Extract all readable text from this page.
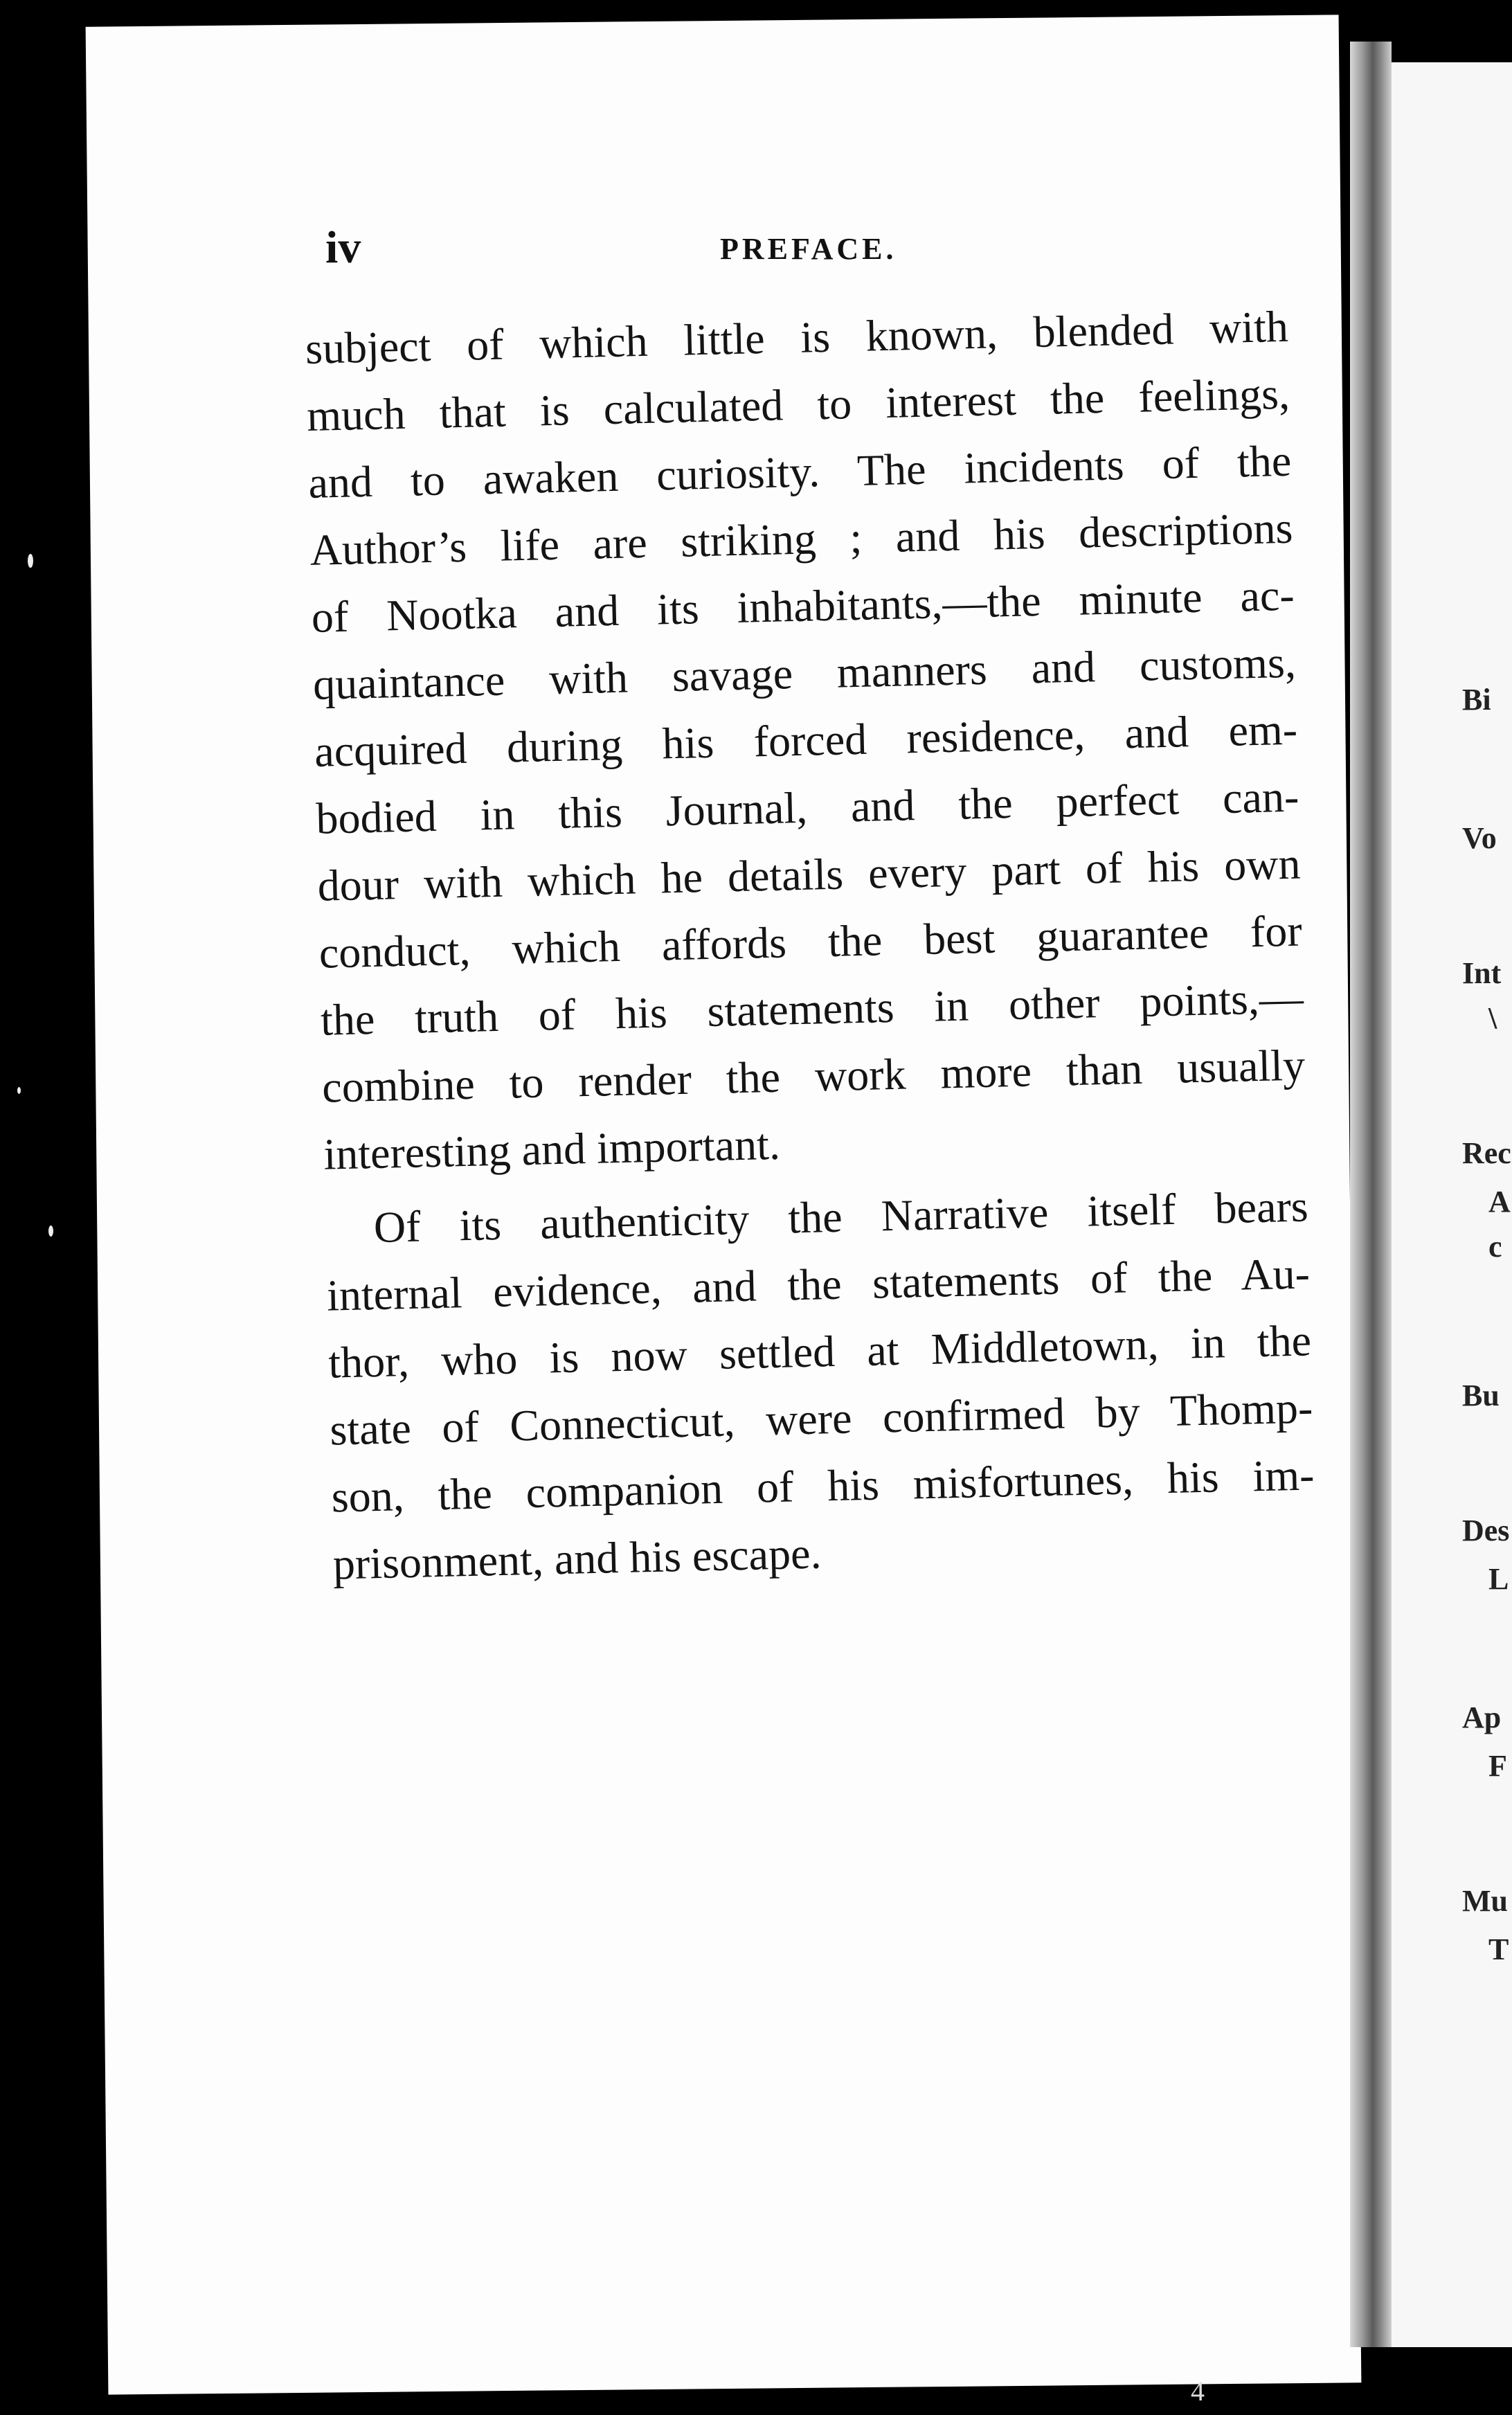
iv	PREFACE.
subject of which little is known, blended with
much that is calculated to interest the feelings,
and to awaken curiosity. The incidents of the
Author’s life are striking ; and his descriptions
of Nootka and its inhabitants,—the minute ac-
quaintance with savage manners and customs,
acquired during his forced residence, and em-
bodied in this Journal, and the perfect can-
dour with which he details every part of his own
conduct, which affords the best guarantee for
the truth of his statements in other points,—
combine to render the work more than usually
interesting and important.
Of its authenticity the Narrative itself bears
internal evidence, and the statements of the Au-
thor, who is now settled at Middletown, in the
state of Connecticut, were confirmed by Thomp-
son, the companion of his misfortunes, his im-
prisonment, and his escape.
Bi
Vo
Int
\
Rec
A
c
Bu
Des
L
Ap
F
Mu
T
4
